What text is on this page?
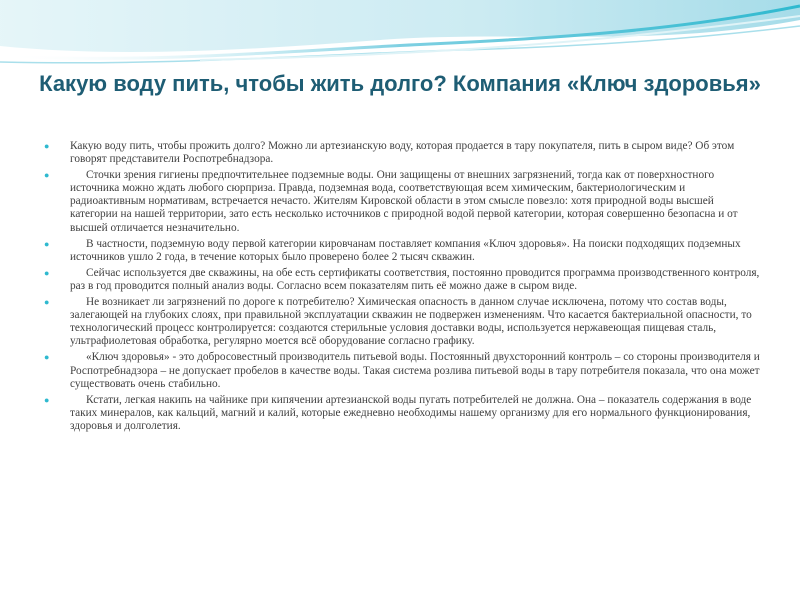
Какую воду пить, чтобы жить долго? Компания «Ключ здоровья»
● Какую воду пить, чтобы прожить долго? Можно ли артезианскую воду, которая продается в тару покупателя, пить в сыром виде? Об этом говорят представители Роспотребнадзора.
●	Сточки зрения гигиены предпочтительнее подземные воды. Они защищены от внешних загрязнений, тогда как от поверхностного источника можно ждать любого сюрприза. Правда, подземная вода, соответствующая всем химическим, бактериологическим и радиоактивным нормативам, встречается нечасто. Жителям Кировской области в этом смысле повезло: хотя природной воды высшей категории на нашей территории, зато есть несколько источников с природной водой первой категории, которая совершенно безопасна и от высшей отличается незначительно.
●	В частности, подземную воду первой категории кировчанам поставляет компания «Ключ здоровья». На поиски подходящих подземных источников ушло 2 года, в течение которых было проверено более 2 тысяч скважин.
●	Сейчас используется две скважины, на обе есть сертификаты соответствия, постоянно проводится программа производственного контроля, раз в год проводится полный анализ воды. Согласно всем показателям пить её можно даже в сыром виде.
●	Не возникает ли загрязнений по дороге к потребителю? Химическая опасность в данном случае исключена, потому что состав воды, залегающей на глубоких слоях, при правильной эксплуатации скважин не подвержен изменениям. Что касается бактериальной опасности, то технологический процесс контролируется: создаются стерильные условия доставки воды, используется нержавеющая пищевая сталь, ультрафиолетовая обработка, регулярно моется всё оборудование согласно графику.
●	«Ключ здоровья» - это добросовестный производитель питьевой воды. Постоянный двухсторонний контроль – со стороны производителя и Роспотребнадзора – не допускает пробелов в качестве воды. Такая система розлива питьевой воды в тару потребителя показала, что она может существовать очень стабильно.
●	Кстати, легкая накипь на чайнике при кипячении артезианской воды пугать потребителей не должна. Она – показатель содержания в воде таких минералов, как кальций, магний и калий, которые ежедневно необходимы нашему организму для его нормального функционирования, здоровья и долголетия.
